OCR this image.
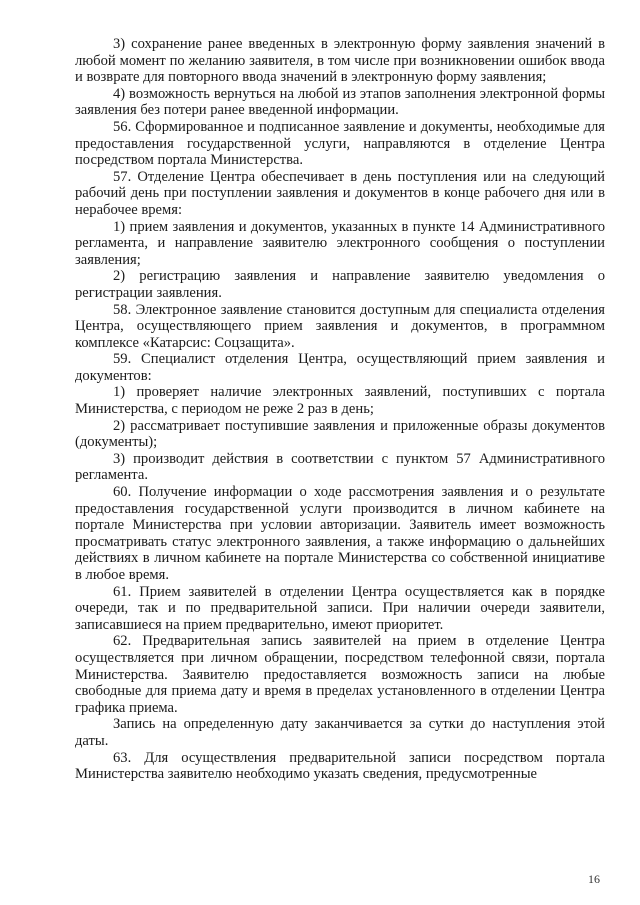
3) сохранение ранее введенных в электронную форму заявления значений в любой момент по желанию заявителя, в том числе при возникновении ошибок ввода и возврате для повторного ввода значений в электронную форму заявления;

4) возможность вернуться на любой из этапов заполнения электронной формы заявления без потери ранее введенной информации.

56. Сформированное и подписанное заявление и документы, необходимые для предоставления государственной услуги, направляются в отделение Центра посредством портала Министерства.

57. Отделение Центра обеспечивает в день поступления или на следующий рабочий день при поступлении заявления и документов в конце рабочего дня или в нерабочее время:

1) прием заявления и документов, указанных в пункте 14 Административного регламента, и направление заявителю электронного сообщения о поступлении заявления;

2) регистрацию заявления и направление заявителю уведомления о регистрации заявления.

58. Электронное заявление становится доступным для специалиста отделения Центра, осуществляющего прием заявления и документов, в программном комплексе «Катарсис: Соцзащита».

59. Специалист отделения Центра, осуществляющий прием заявления и документов:

1) проверяет наличие электронных заявлений, поступивших с портала Министерства, с периодом не реже 2 раз в день;

2) рассматривает поступившие заявления и приложенные образы документов (документы);

3) производит действия в соответствии с пунктом 57 Административного регламента.

60. Получение информации о ходе рассмотрения заявления и о результате предоставления государственной услуги производится в личном кабинете на портале Министерства при условии авторизации. Заявитель имеет возможность просматривать статус электронного заявления, а также информацию о дальнейших действиях в личном кабинете на портале Министерства со собственной инициативе в любое время.

61. Прием заявителей в отделении Центра осуществляется как в порядке очереди, так и по предварительной записи. При наличии очереди заявители, записавшиеся на прием предварительно, имеют приоритет.

62. Предварительная запись заявителей на прием в отделение Центра осуществляется при личном обращении, посредством телефонной связи, портала Министерства. Заявителю предоставляется возможность записи на любые свободные для приема дату и время в пределах установленного в отделении Центра графика приема.

Запись на определенную дату заканчивается за сутки до наступления этой даты.

63. Для осуществления предварительной записи посредством портала Министерства заявителю необходимо указать сведения, предусмотренные

16
